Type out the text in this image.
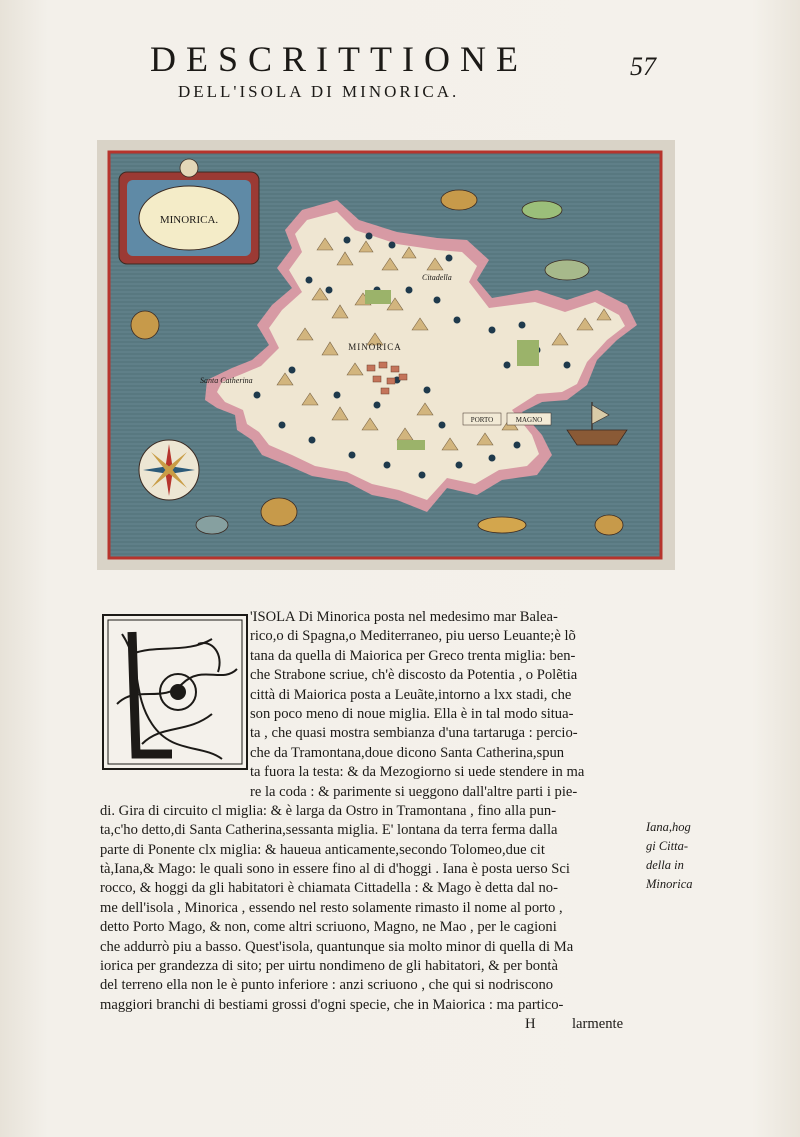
DESCRITTIONE
DELL'ISOLA DI MINORICA.
57
MINORICA.
MINORICA
Citadella
Santa Catherina
PORTO	MAGNO
'ISOLA Di Minorica posta nel medesimo mar Balea-
rico,o di Spagna,o Mediterraneo, piu uerso Leuante;è lõ
tana da quella di Maiorica per Greco trenta miglia: ben-
che Strabone scriue, ch'è discosto da Potentia , o Polẽtia
città di Maiorica posta a Leuãte,intorno a lxx stadi, che
son poco meno di noue miglia. Ella è in tal modo situa-
ta , che quasi mostra sembianza d'una tartaruga : percio-
che da Tramontana,doue dicono Santa Catherina,spun
ta fuora la testa: & da Mezogiorno si uede stendere in ma
re la coda : & parimente si ueggono dall'altre parti i pie-
di. Gira di circuito cl miglia: & è larga da Ostro in Tramontana , fino alla pun-
ta,c'ho detto,di Santa Catherina,sessanta miglia. E' lontana da terra ferma dalla
parte di Ponente clx miglia: & haueua anticamente,secondo Tolomeo,due cit
tà,Iana,& Mago: le quali sono in essere fino al di d'hoggi . Iana è posta uerso Sci
rocco, & hoggi da gli habitatori è chiamata Cittadella : & Mago è detta dal no-
me dell'isola , Minorica , essendo nel resto solamente rimasto il nome al porto ,
detto Porto Mago, & non, come altri scriuono, Magno, ne Mao , per le cagioni
che addurrò piu a basso. Quest'isola, quantunque sia molto minor di quella di Ma
iorica per grandezza di sito; per uirtu nondimeno de gli habitatori, & per bontà
del terreno ella non le è punto inferiore : anzi scriuono , che qui si nodriscono
maggiori branchi di bestiami grossi d'ogni specie, che in Maiorica : ma partico-
H larmente
Iana,hog
gi Citta-
della in
Minorica
